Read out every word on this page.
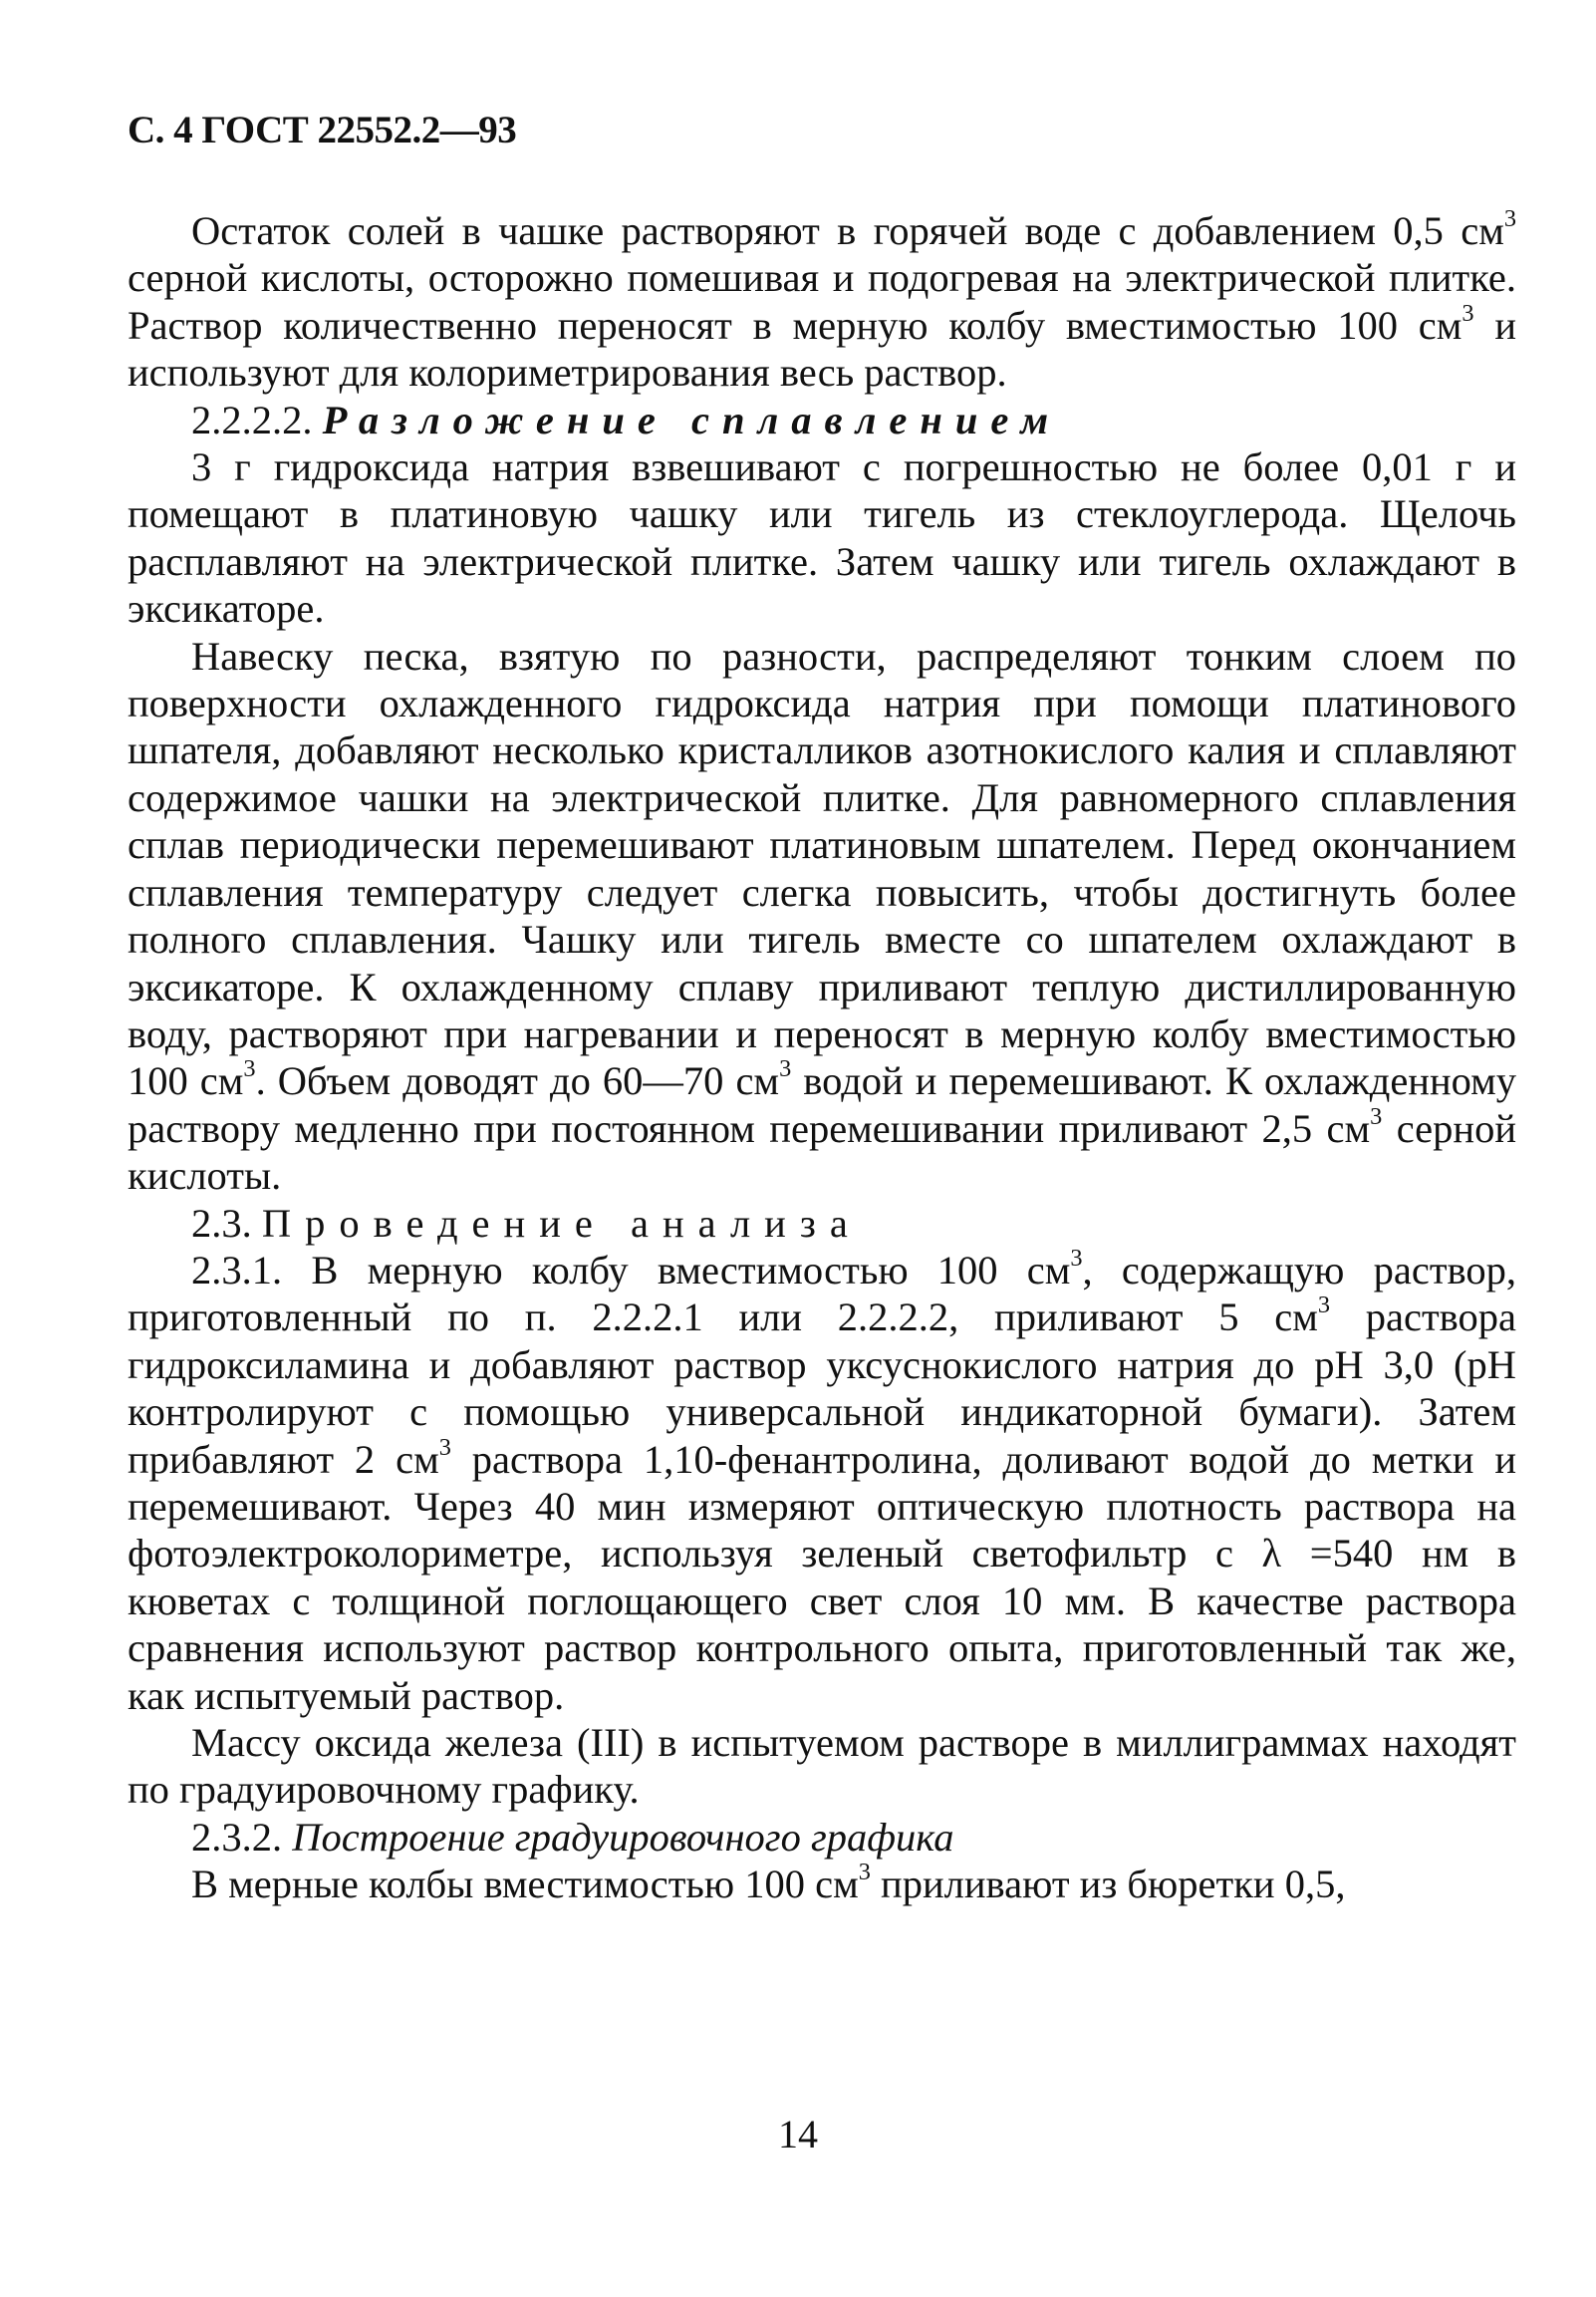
С. 4 ГОСТ 22552.2—93

Остаток солей в чашке растворяют в горячей воде с добавлением 0,5 $см^3$ серной кислоты, осторожно помешивая и подогревая на электрической плитке. Раствор количественно переносят в мерную колбу вместимостью 100 $см^3$ и используют для колориметрирования весь раствор.

2.2.2.2. Разложение сплавлением

3 г гидроксида натрия взвешивают с погрешностью не более 0,01 г и помещают в платиновую чашку или тигель из стеклоуглерода. Щелочь расплавляют на электрической плитке. Затем чашку или тигель охлаждают в эксикаторе.

Навеску песка, взятую по разности, распределяют тонким слоем по поверхности охлажденного гидроксида натрия при помощи платинового шпателя, добавляют несколько кристалликов азотнокислого калия и сплавляют содержимое чашки на электрической плитке. Для равномерного сплавления сплав периодически перемешивают платиновым шпателем. Перед окончанием сплавления температуру следует слегка повысить, чтобы достигнуть более полного сплавления. Чашку или тигель вместе со шпателем охлаждают в эксикаторе. К охлажденному сплаву приливают теплую дистиллированную воду, растворяют при нагревании и переносят в мерную колбу вместимостью 100 $см^3$. Объем доводят до 60—70 $см^3$ водой и перемешивают. К охлажденному раствору медленно при постоянном перемешивании приливают 2,5 $см^3$ серной кислоты.

2.3. Проведение анализа

2.3.1. В мерную колбу вместимостью 100 $см^3$, содержащую раствор, приготовленный по п. 2.2.2.1 или 2.2.2.2, приливают 5 $см^3$ раствора гидроксиламина и добавляют раствор уксуснокислого натрия до pH 3,0 (pH контролируют с помощью универсальной индикаторной бумаги). Затем прибавляют 2 $см^3$ раствора 1,10-фенантролина, доливают водой до метки и перемешивают. Через 40 мин измеряют оптическую плотность раствора на фотоэлектроколориметре, используя зеленый светофильтр с λ =540 нм в кюветах с толщиной поглощающего свет слоя 10 мм. В качестве раствора сравнения используют раствор контрольного опыта, приготовленный так же, как испытуемый раствор.

Массу оксида железа (III) в испытуемом растворе в миллиграммах находят по градуировочному графику.

2.3.2. Построение градуировочного графика

В мерные колбы вместимостью 100 $см^3$ приливают из бюретки 0,5,

14
